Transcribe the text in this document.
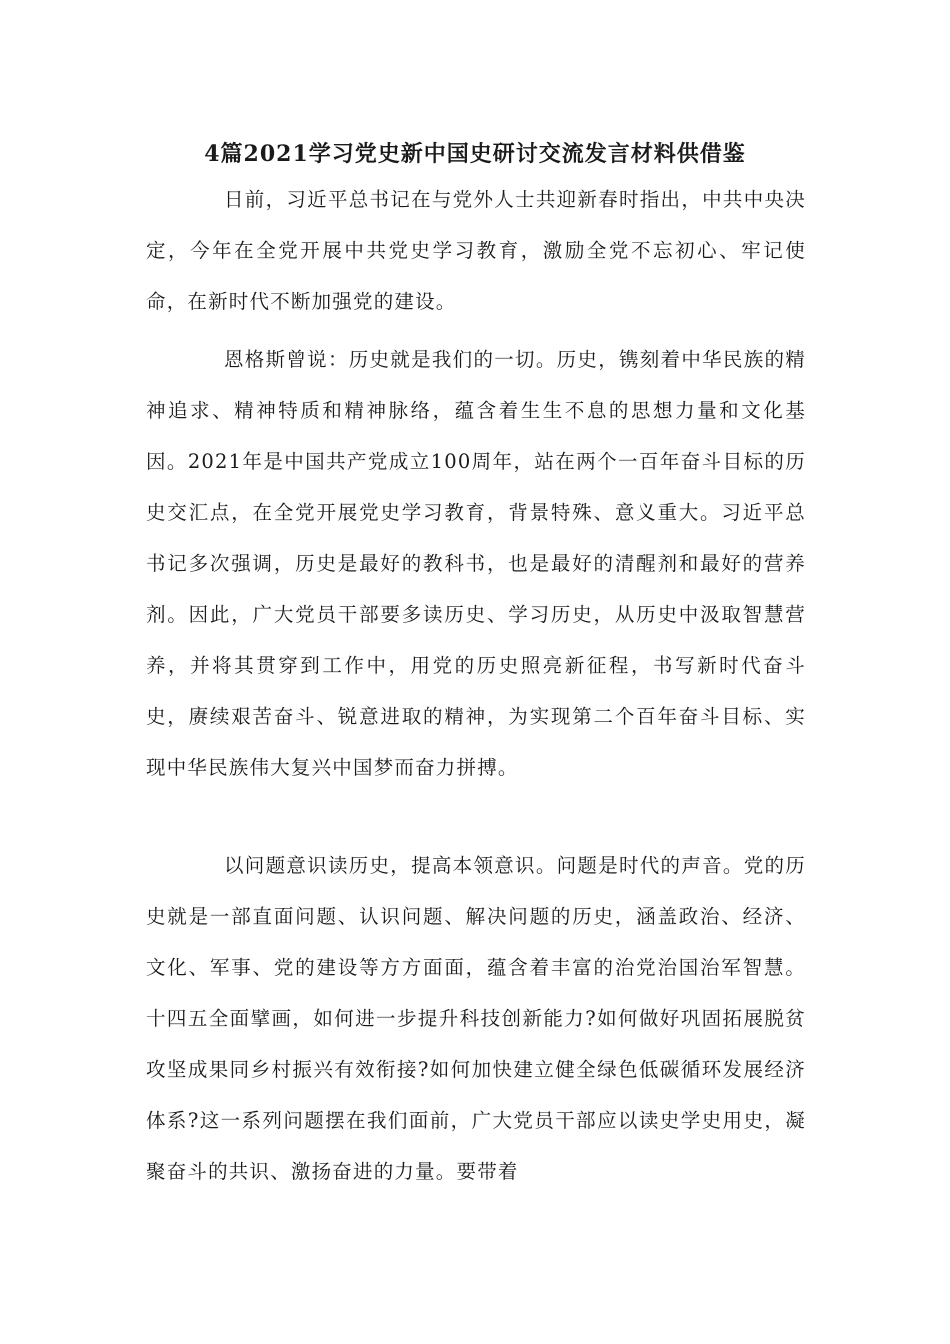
4篇2021学习党史新中国史研讨交流发言材料供借鉴

日前，习近平总书记在与党外人士共迎新春时指出，中共中央决定，今年在全党开展中共党史学习教育，激励全党不忘初心、牢记使命，在新时代不断加强党的建设。

恩格斯曾说：历史就是我们的一切。历史，镌刻着中华民族的精神追求、精神特质和精神脉络，蕴含着生生不息的思想力量和文化基因。2021年是中国共产党成立100周年，站在两个一百年奋斗目标的历史交汇点，在全党开展党史学习教育，背景特殊、意义重大。习近平总书记多次强调，历史是最好的教科书，也是最好的清醒剂和最好的营养剂。因此，广大党员干部要多读历史、学习历史，从历史中汲取智慧营养，并将其贯穿到工作中，用党的历史照亮新征程，书写新时代奋斗史，赓续艰苦奋斗、锐意进取的精神，为实现第二个百年奋斗目标、实现中华民族伟大复兴中国梦而奋力拼搏。

以问题意识读历史，提高本领意识。问题是时代的声音。党的历史就是一部直面问题、认识问题、解决问题的历史，涵盖政治、经济、文化、军事、党的建设等方方面面，蕴含着丰富的治党治国治军智慧。十四五全面擘画，如何进一步提升科技创新能力?如何做好巩固拓展脱贫攻坚成果同乡村振兴有效衔接?如何加快建立健全绿色低碳循环发展经济体系?这一系列问题摆在我们面前，广大党员干部应以读史学史用史，凝聚奋斗的共识、激扬奋进的力量。要带着
